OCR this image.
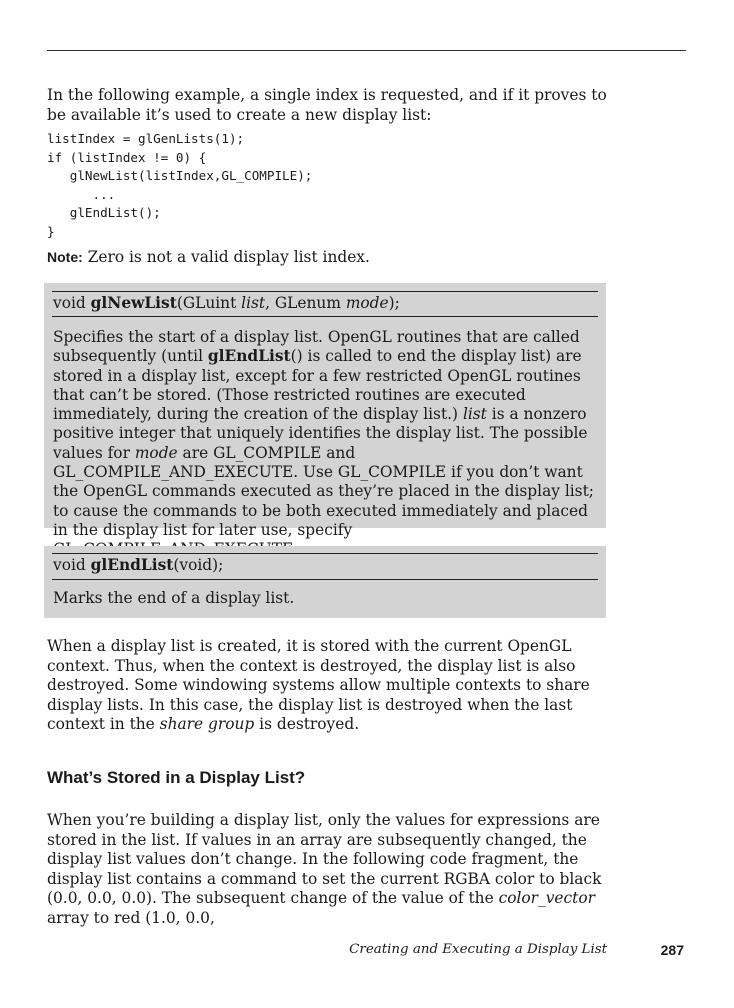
In the following example, a single index is requested, and if it proves to be available it’s used to create a new display list:

listIndex = glGenLists(1);
if (listIndex != 0) {
glNewList(listIndex,GL_COMPILE);
...
glEndList();
}
Note: Zero is not a valid display list index.
void glNewList(GLuint list, GLenum mode);

Specifies the start of a display list. OpenGL routines that are called subsequently (until glEndList() is called to end the display list) are stored in a display list, except for a few restricted OpenGL routines that can’t be stored. (Those restricted routines are executed immediately, during the creation of the display list.) list is a nonzero positive integer that uniquely identifies the display list. The possible values for mode are GL_COMPILE and GL_COMPILE_AND_EXECUTE. Use GL_COMPILE if you don’t want the OpenGL commands executed as they’re placed in the display list; to cause the commands to be both executed immediately and placed in the display list for later use, specify

void glEndList(void);

Marks the end of a display list.

When a display list is created, it is stored with the current OpenGL context. Thus, when the context is destroyed, the display list is also destroyed. Some windowing systems allow multiple contexts to share display lists. In this case, the display list is destroyed when the last context in the share group is destroyed.

What’s Stored in a Display List?

When you’re building a display list, only the values for expressions are stored in the list. If values in an array are subsequently changed, the display list values don’t change. In the following code fragment, the display list contains a command to set the current RGBA color to black (0.0, 0.0, 0.0). The subsequent change of the value of the color_vector array to red (1.0, 0.0,

Creating and Executing a Display List	287
